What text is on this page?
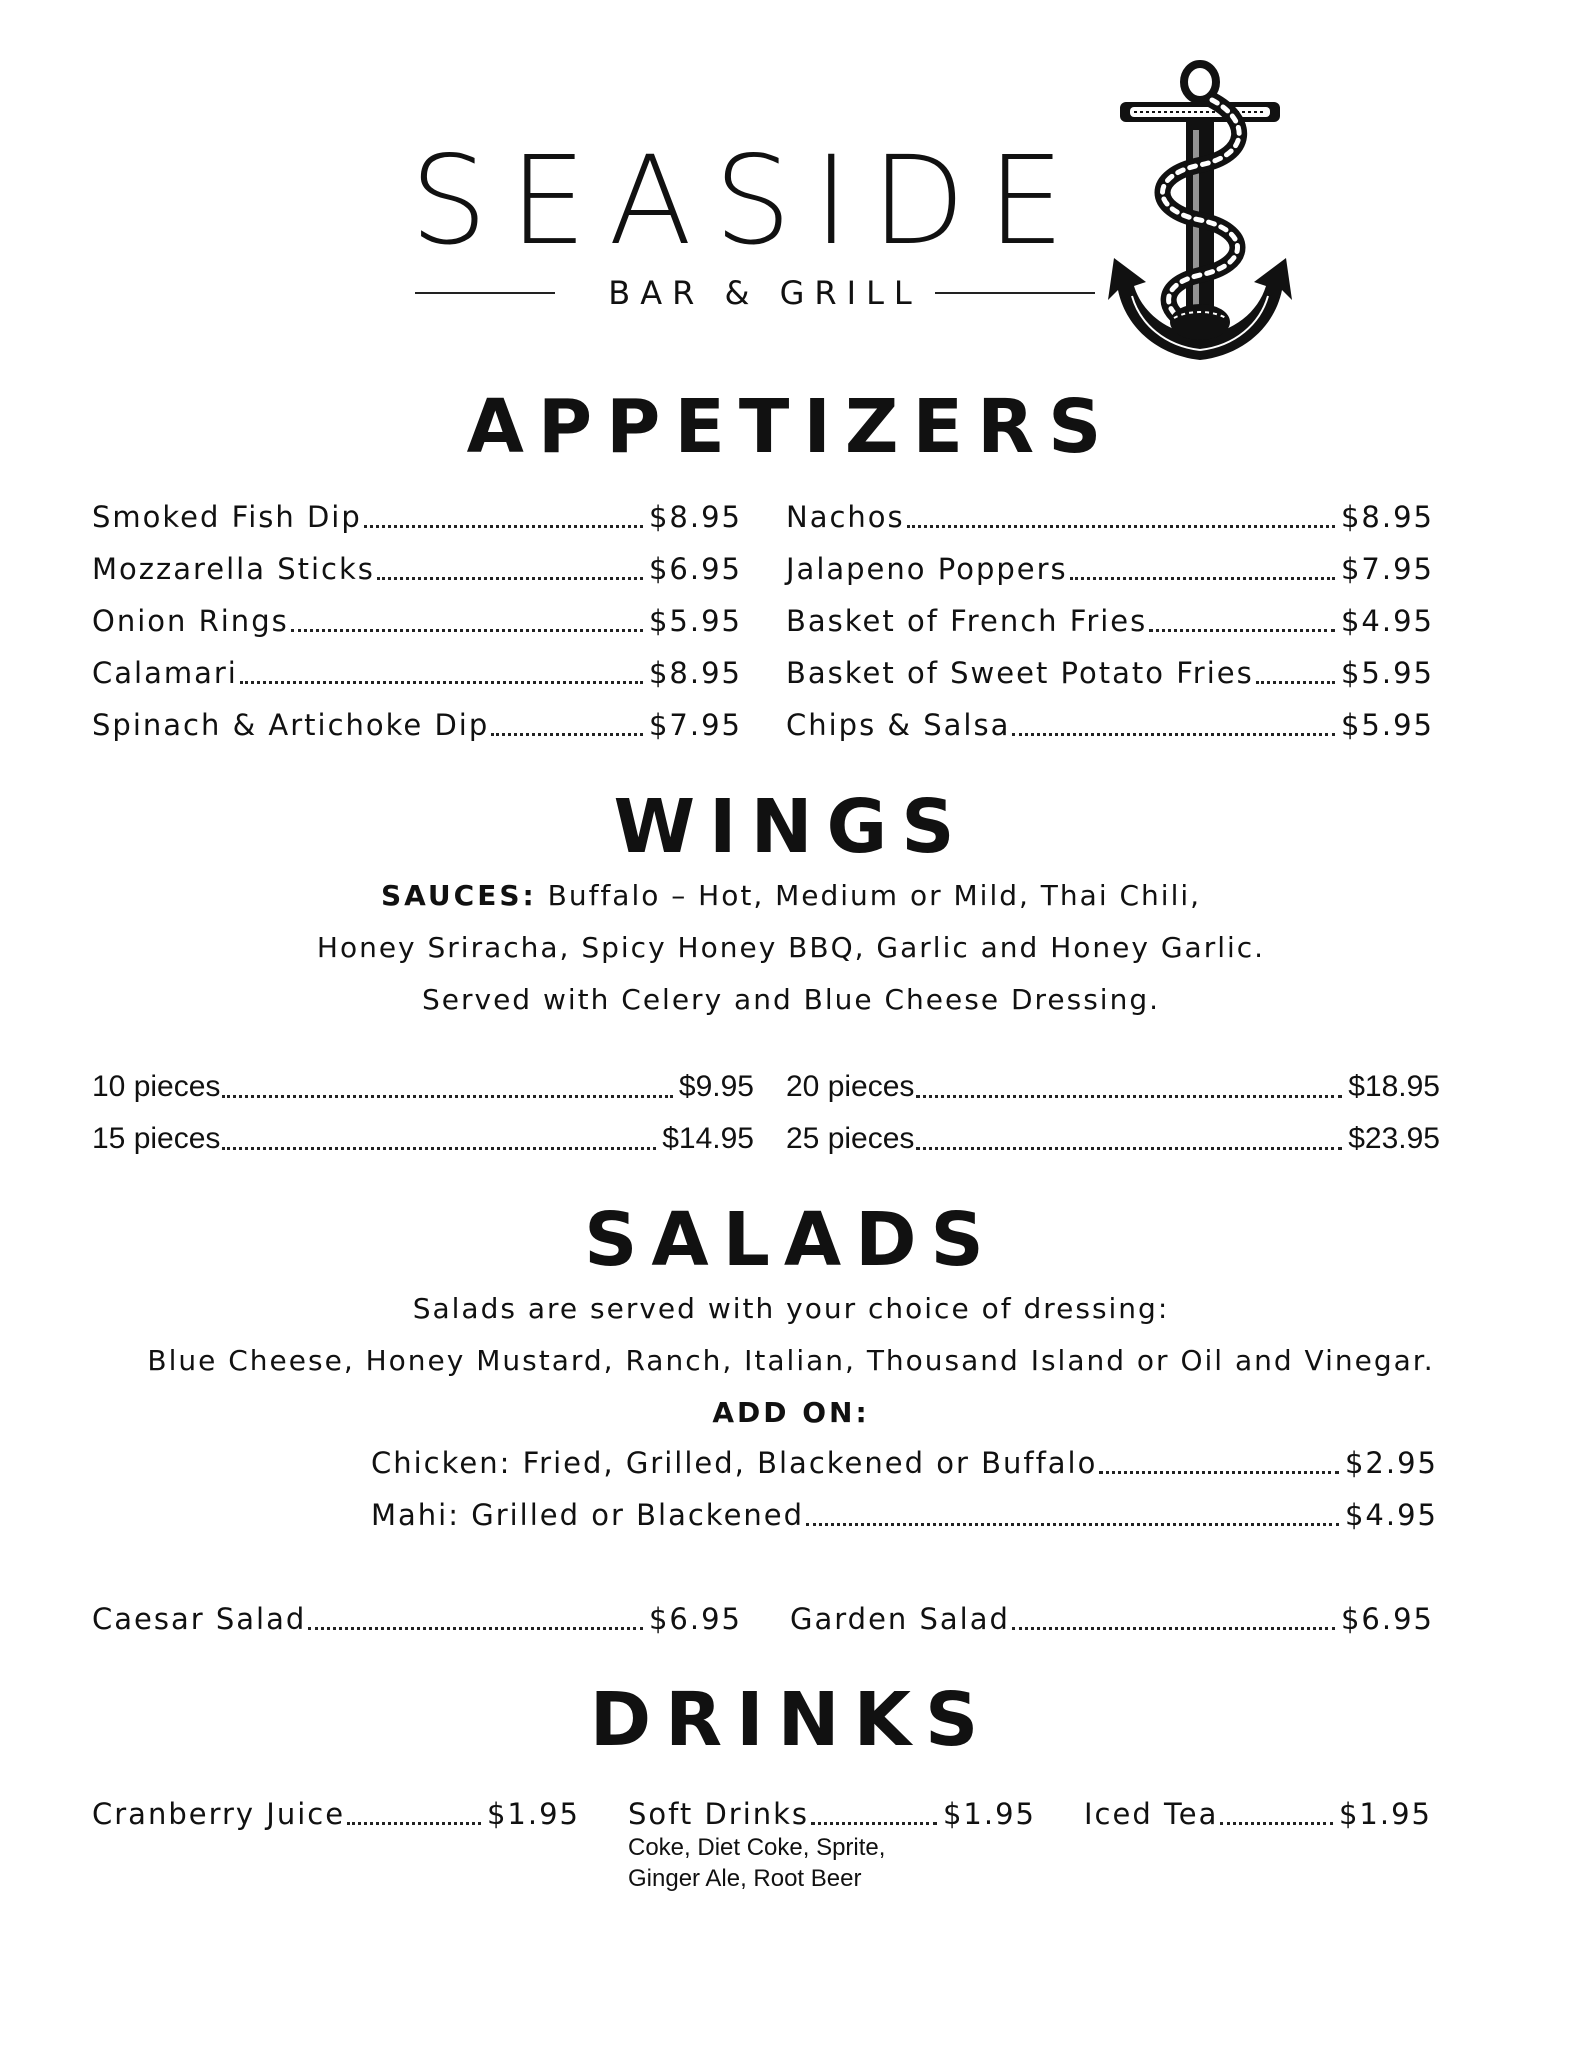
SEASIDE
BAR & GRILL
APPETIZERS
Smoked Fish Dip	$8.95
Mozzarella Sticks	$6.95
Onion Rings	$5.95
Calamari	$8.95
Spinach & Artichoke Dip	$7.95
Nachos	$8.95
Jalapeno Poppers	$7.95
Basket of French Fries	$4.95
Basket of Sweet Potato Fries	$5.95
Chips & Salsa	$5.95
WINGS
SAUCES: Buffalo – Hot, Medium or Mild, Thai Chili,
Honey Sriracha, Spicy Honey BBQ, Garlic and Honey Garlic.
Served with Celery and Blue Cheese Dressing.
10 pieces	$9.95
15 pieces	$14.95
20 pieces	$18.95
25 pieces	$23.95
SALADS
Salads are served with your choice of dressing:
Blue Cheese, Honey Mustard, Ranch, Italian, Thousand Island or Oil and Vinegar.
ADD ON:
Chicken: Fried, Grilled, Blackened or Buffalo	$2.95
Mahi: Grilled or Blackened	$4.95
Caesar Salad	$6.95 Garden Salad	$6.95
DRINKS
Cranberry Juice	$1.95 Soft Drinks	$1.95 Iced Tea	$1.95
Coke, Diet Coke, Sprite,
Ginger Ale, Root Beer
